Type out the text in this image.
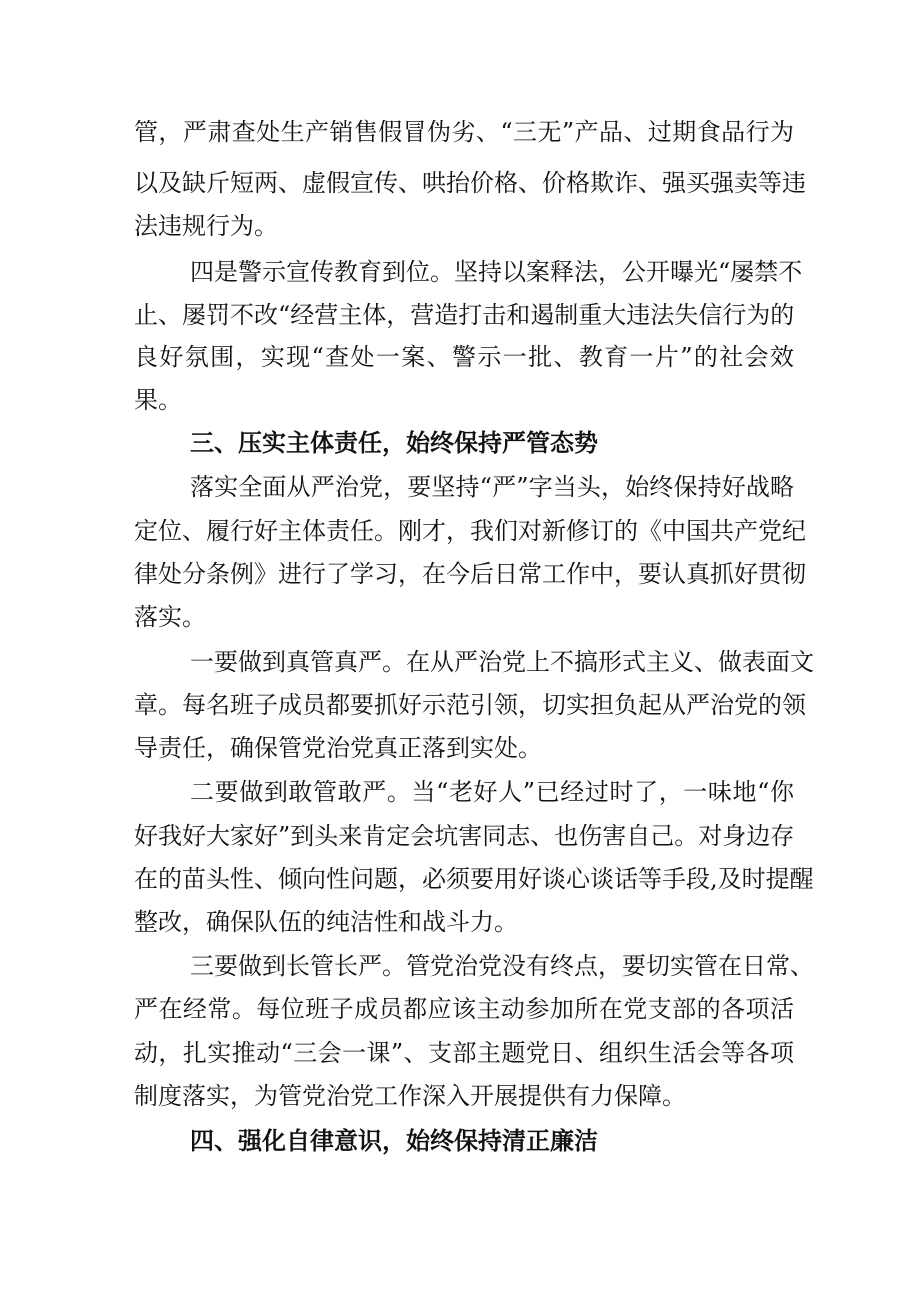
管，严肃查处生产销售假冒伪劣、“三无”产品、过期食品行为
以及缺斤短两、虚假宣传、哄抬价格、价格欺诈、强买强卖等违
法违规行为。
四是警示宣传教育到位。坚持以案释法，公开曝光“屡禁不
止、屡罚不改“经营主体，营造打击和遏制重大违法失信行为的
良好氛围，实现“查处一案、警示一批、教育一片”的社会效
果。
三、压实主体责任，始终保持严管态势
落实全面从严治党，要坚持“严”字当头，始终保持好战略
定位、履行好主体责任。刚才，我们对新修订的《中国共产党纪
律处分条例》进行了学习，在今后日常工作中，要认真抓好贯彻
落实。
一要做到真管真严。在从严治党上不搞形式主义、做表面文
章。每名班子成员都要抓好示范引领，切实担负起从严治党的领
导责任，确保管党治党真正落到实处。
二要做到敢管敢严。当“老好人”已经过时了，一味地“你
好我好大家好”到头来肯定会坑害同志、也伤害自己。对身边存
在的苗头性、倾向性问题，必须要用好谈心谈话等手段,及时提醒
整改，确保队伍的纯洁性和战斗力。
三要做到长管长严。管党治党没有终点，要切实管在日常、
严在经常。每位班子成员都应该主动参加所在党支部的各项活
动，扎实推动“三会一课”、支部主题党日、组织生活会等各项
制度落实，为管党治党工作深入开展提供有力保障。
四、强化自律意识，始终保持清正廉洁
